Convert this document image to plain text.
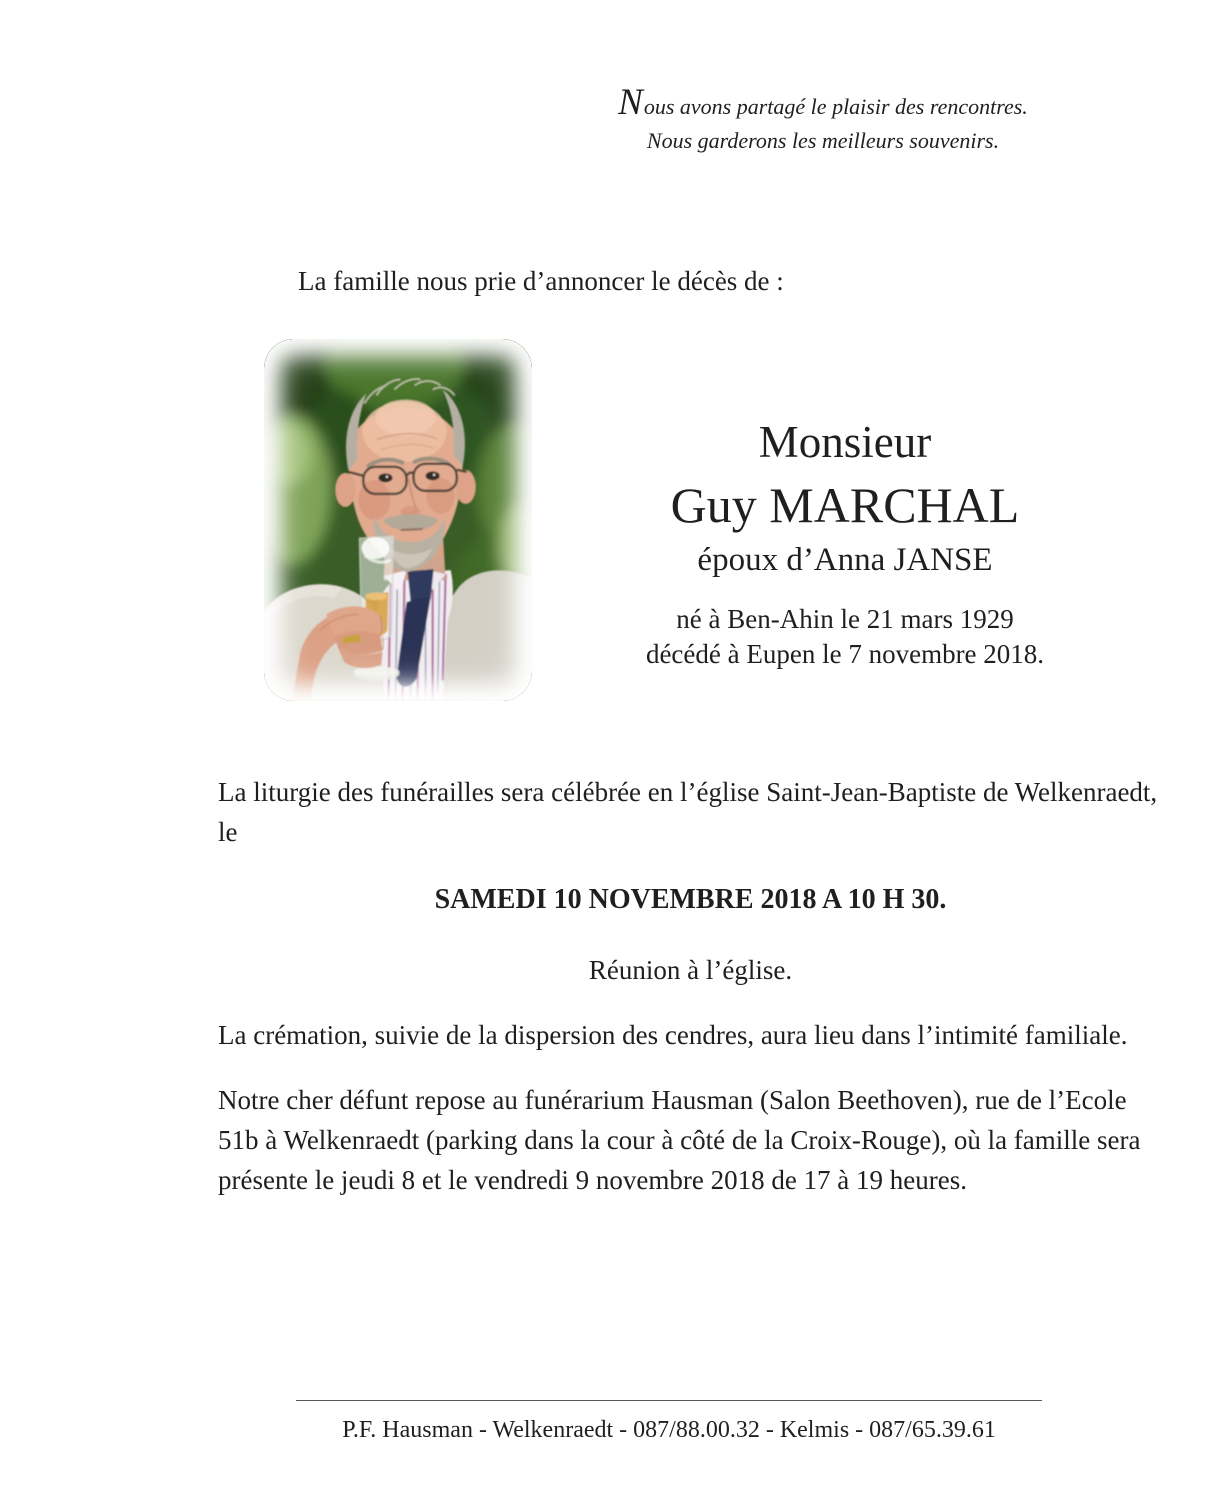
Nous avons partagé le plaisir des rencontres.
Nous garderons les meilleurs souvenirs.
La famille nous prie d’annoncer le décès de :
Monsieur
Guy MARCHAL
époux d’Anna JANSE
né à Ben-Ahin le 21 mars 1929
décédé à Eupen le 7 novembre 2018.

La liturgie des funérailles sera célébrée en l’église Saint-Jean-Baptiste de Welkenraedt, le

SAMEDI 10 NOVEMBRE 2018 A 10 H 30.

Réunion à l’église.

La crémation, suivie de la dispersion des cendres, aura lieu dans l’intimité familiale.

Notre cher défunt repose au funérarium Hausman (Salon Beethoven), rue de l’Ecole 51b à Welkenraedt (parking dans la cour à côté de la Croix-Rouge), où la famille sera présente le jeudi 8 et le vendredi 9 novembre 2018 de 17 à 19 heures.

P.F. Hausman - Welkenraedt - 087/88.00.32 - Kelmis - 087/65.39.61
